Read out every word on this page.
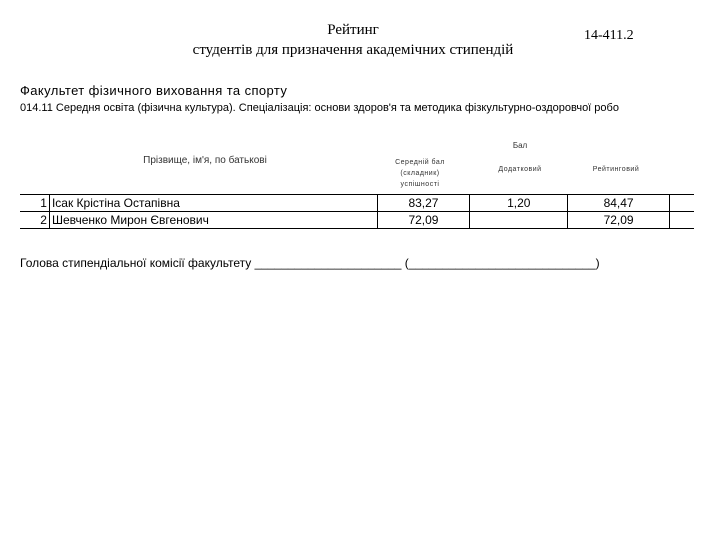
Рейтинг
студентів для призначення академічних стипендій
14-411.2
Факультет фізичного виховання та спорту
014.11 Середня освіта (фізична культура). Спеціалізація: основи здоров'я та методика фізкультурно-оздоровчої робо
Прізвище, ім'я, по батькові
Бал
Середній бал
(складник)
успішності
Додатковий	Рейтинговий
1	Ісак Крістіна Остапівна	83,27	1,20	84,47	
2	Шевченко Мирон Євгенович	72,09		72,09	
Голова стипендіальної комісії факультету ______________________ (____________________________)
